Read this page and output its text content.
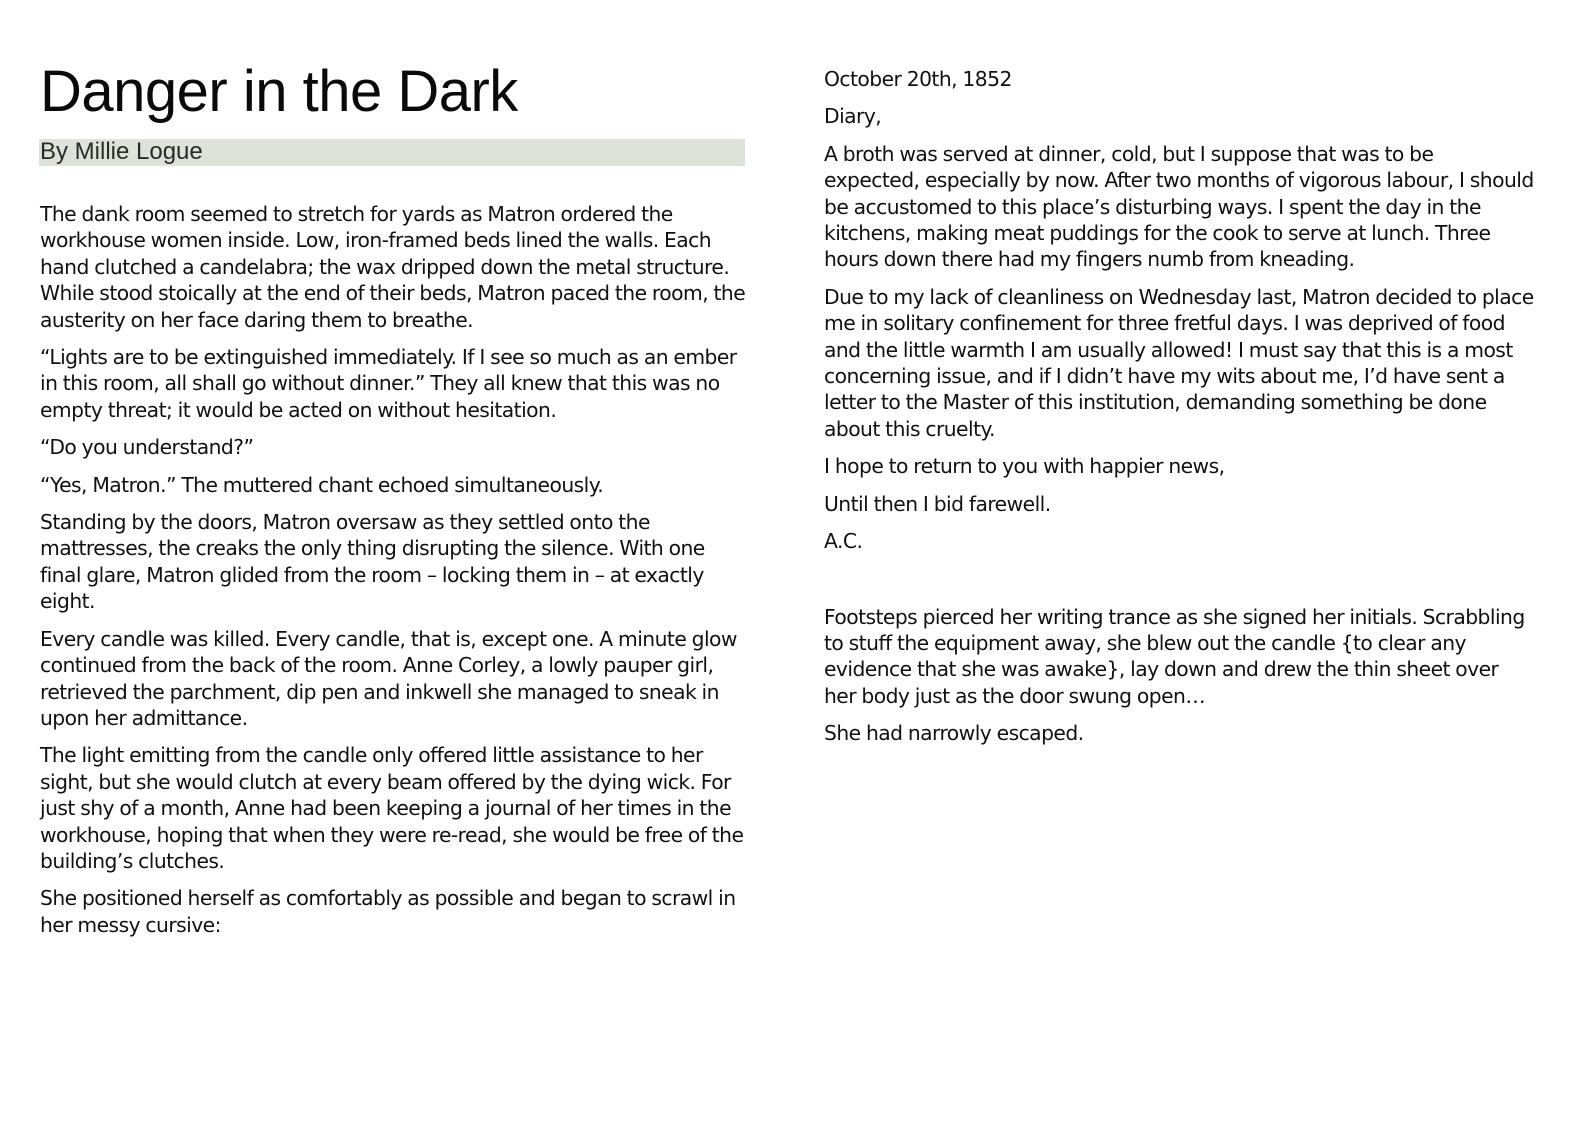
Danger in the Dark
By Millie Logue

The dank room seemed to stretch for yards as Matron ordered the workhouse women inside. Low, iron-framed beds lined the walls. Each hand clutched a candelabra; the wax dripped down the metal structure. While stood stoically at the end of their beds, Matron paced the room, the austerity on her face daring them to breathe.

“Lights are to be extinguished immediately. If I see so much as an ember in this room, all shall go without dinner.” They all knew that this was no empty threat; it would be acted on without hesitation.

“Do you understand?”

“Yes, Matron.” The muttered chant echoed simultaneously.

Standing by the doors, Matron oversaw as they settled onto the mattresses, the creaks the only thing disrupting the silence. With one final glare, Matron glided from the room – locking them in – at exactly eight.

Every candle was killed. Every candle, that is, except one. A minute glow continued from the back of the room. Anne Corley, a lowly pauper girl, retrieved the parchment, dip pen and inkwell she managed to sneak in upon her admittance.

The light emitting from the candle only offered little assistance to her sight, but she would clutch at every beam offered by the dying wick. For just shy of a month, Anne had been keeping a journal of her times in the workhouse, hoping that when they were re-read, she would be free of the building’s clutches.

She positioned herself as comfortably as possible and began to scrawl in her messy cursive:

October 20th, 1852

Diary,

A broth was served at dinner, cold, but I suppose that was to be expected, especially by now. After two months of vigorous labour, I should be accustomed to this place’s disturbing ways. I spent the day in the kitchens, making meat puddings for the cook to serve at lunch. Three hours down there had my fingers numb from kneading.

Due to my lack of cleanliness on Wednesday last, Matron decided to place me in solitary confinement for three fretful days. I was deprived of food and the little warmth I am usually allowed! I must say that this is a most concerning issue, and if I didn’t have my wits about me, I’d have sent a letter to the Master of this institution, demanding something be done about this cruelty.

I hope to return to you with happier news,

Until then I bid farewell.

A.C.

Footsteps pierced her writing trance as she signed her initials. Scrabbling to stuff the equipment away, she blew out the candle {to clear any evidence that she was awake}, lay down and drew the thin sheet over her body just as the door swung open…

She had narrowly escaped.
